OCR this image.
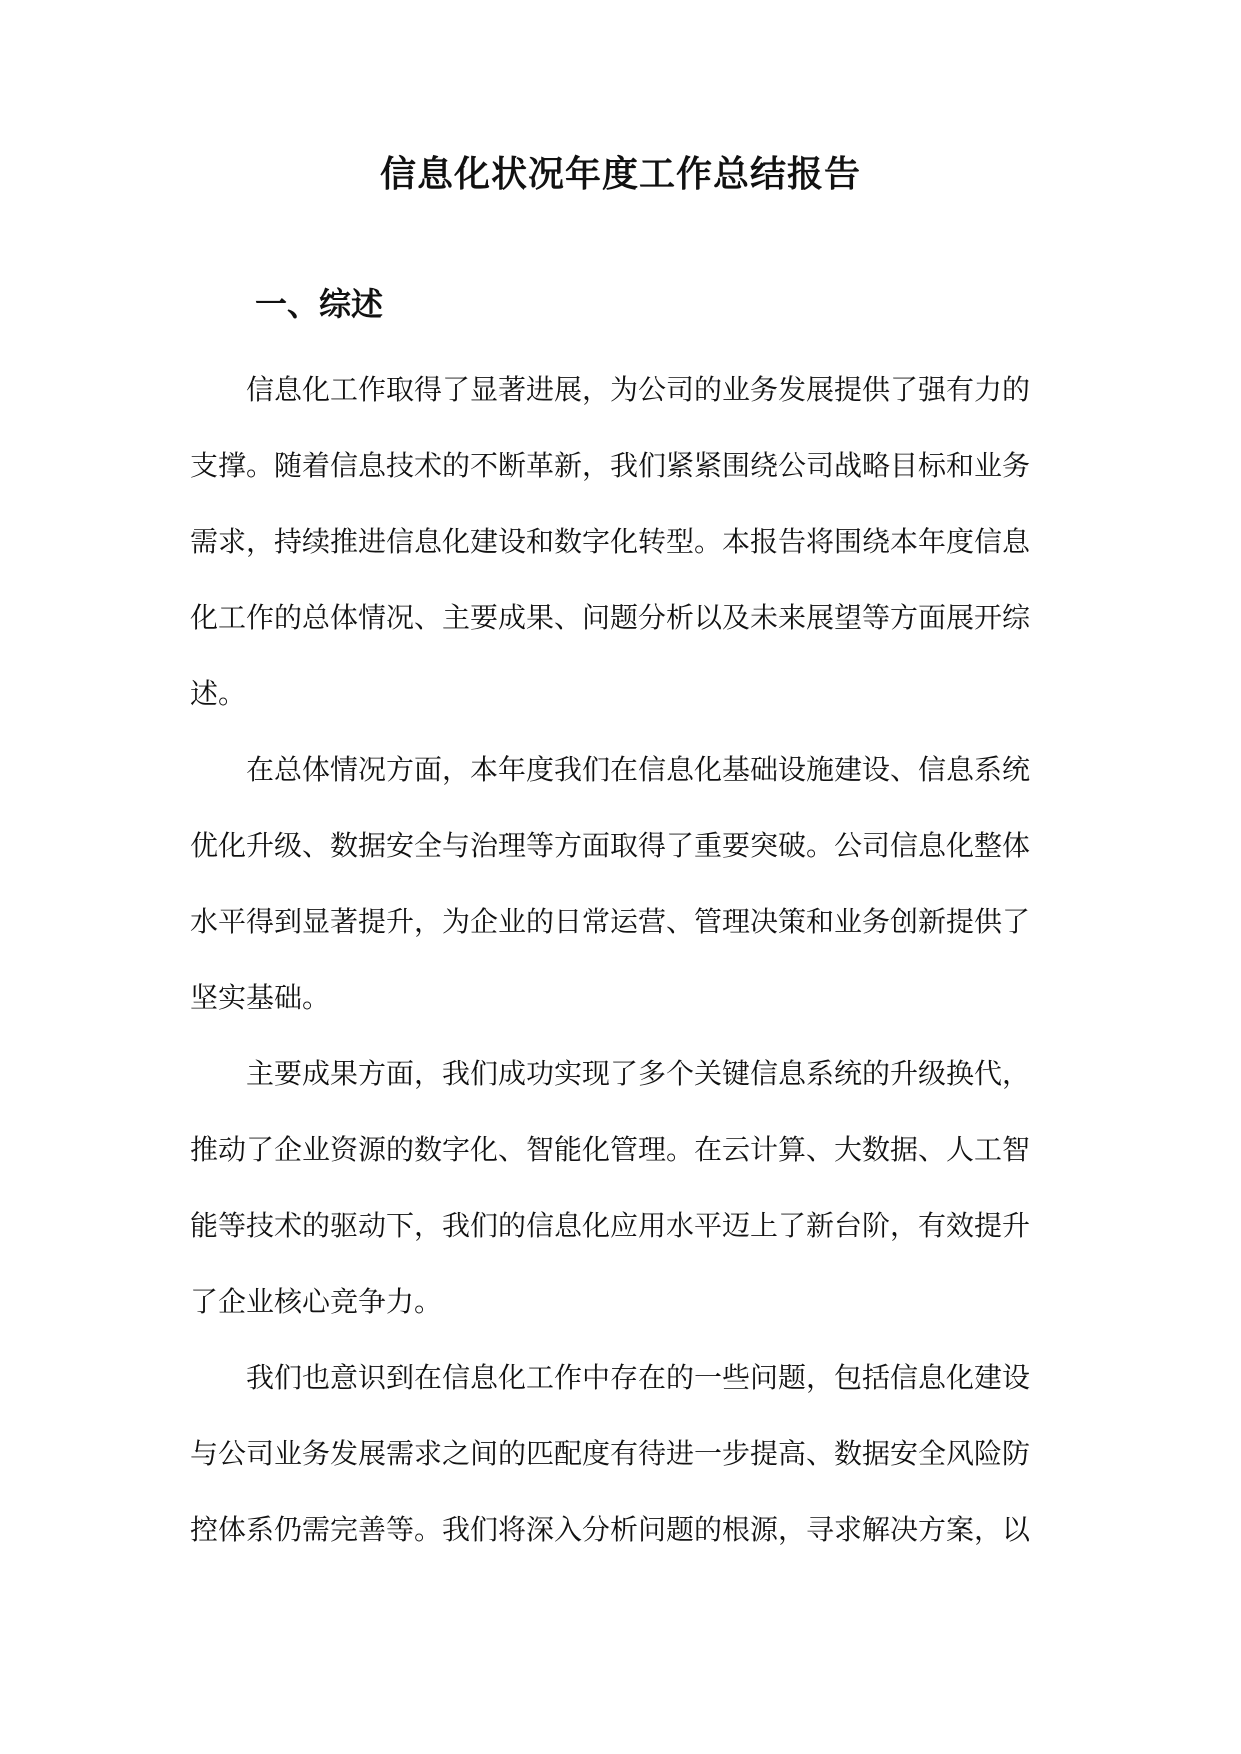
信息化状况年度工作总结报告
一、综述
信息化工作取得了显著进展，为公司的业务发展提供了强有力的
支撑。随着信息技术的不断革新，我们紧紧围绕公司战略目标和业务
需求，持续推进信息化建设和数字化转型。本报告将围绕本年度信息
化工作的总体情况、主要成果、问题分析以及未来展望等方面展开综
述。
在总体情况方面，本年度我们在信息化基础设施建设、信息系统
优化升级、数据安全与治理等方面取得了重要突破。公司信息化整体
水平得到显著提升，为企业的日常运营、管理决策和业务创新提供了
坚实基础。
主要成果方面，我们成功实现了多个关键信息系统的升级换代，
推动了企业资源的数字化、智能化管理。在云计算、大数据、人工智
能等技术的驱动下，我们的信息化应用水平迈上了新台阶，有效提升
了企业核心竞争力。
我们也意识到在信息化工作中存在的一些问题，包括信息化建设
与公司业务发展需求之间的匹配度有待进一步提高、数据安全风险防
控体系仍需完善等。我们将深入分析问题的根源，寻求解决方案，以
